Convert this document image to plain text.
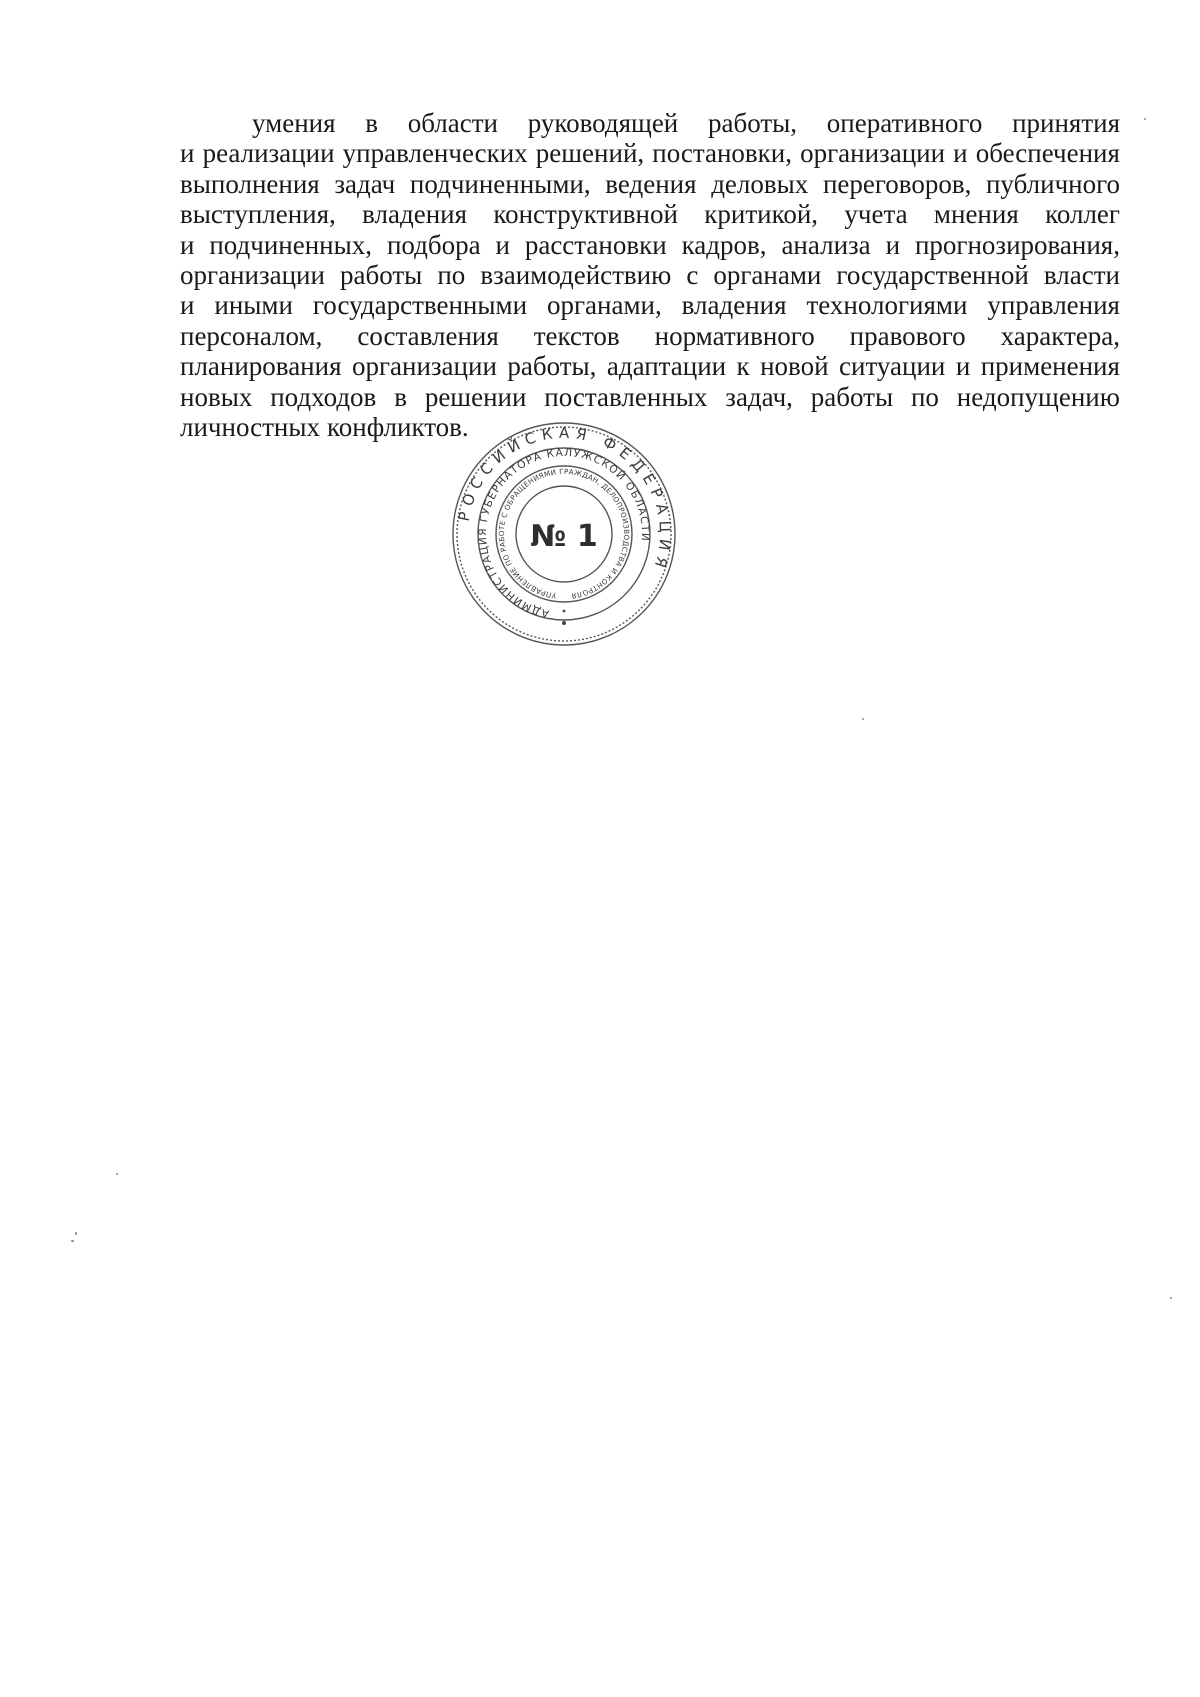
умения в области руководящей работы, оперативного принятия
и реализации управленческих решений, постановки, организации и обеспечения
выполнения задач подчиненными, ведения деловых переговоров, публичного
выступления, владения конструктивной критикой, учета мнения коллег
и подчиненных, подбора и расстановки кадров, анализа и прогнозирования,
организации работы по взаимодействию с органами государственной власти
и иными государственными органами, владения технологиями управления
персоналом, составления текстов нормативного правового характера,
планирования организации работы, адаптации к новой ситуации и применения
новых подходов в решении поставленных задач, работы по недопущению
личностных конфликтов.
РОССИЙСКАЯ ФЕДЕРАЦИЯ
АДМИНИСТРАЦИЯ ГУБЕРНАТОРА КАЛУЖСКОЙ ОБЛАСТИ
УПРАВЛЕНИЕ ПО РАБОТЕ С ОБРАЩЕНИЯМИ ГРАЖДАН, ДЕЛОПРОИЗВОДСТВА И КОНТРОЛЯ
№ 1
